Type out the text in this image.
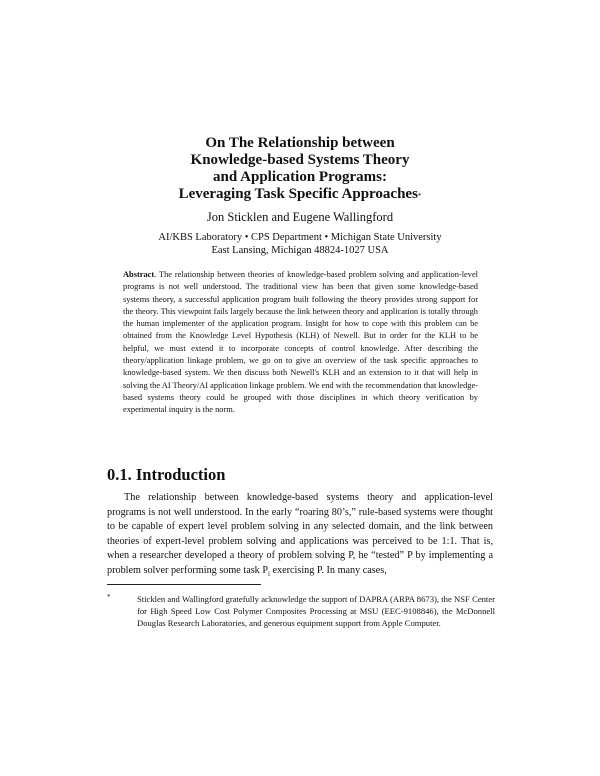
On The Relationship between
Knowledge-based Systems Theory
and Application Programs:
Leveraging Task Specific Approaches*
Jon Sticklen and Eugene Wallingford
AI/KBS Laboratory • CPS Department • Michigan State University
East Lansing, Michigan 48824-1027 USA
Abstract. The relationship between theories of knowledge-based problem solving and application-level programs is not well understood. The traditional view has been that given some knowledge-based systems theory, a successful application program built following the theory provides strong support for the theory. This viewpoint fails largely because the link between theory and application is totally through the human implementer of the application program. Insight for how to cope with this problem can be obtained from the Knowledge Level Hypothesis (KLH) of Newell. But in order for the KLH to be helpful, we must extend it to incorporate concepts of control knowledge. After describing the theory/application linkage problem, we go on to give an overview of the task specific approaches to knowledge-based system. We then discuss both Newell's KLH and an extension to it that will help in solving the AI Theory/AI application linkage problem. We end with the recommendation that knowledge-based systems theory could be grouped with those disciplines in which theory verification by experimental inquiry is the norm.
0.1. Introduction
The relationship between knowledge-based systems theory and application-level programs is not well understood. In the early “roaring 80’s,” rule-based systems were thought to be capable of expert level problem solving in any selected domain, and the link between theories of expert-level problem solving and applications was perceived to be 1:1. That is, when a researcher developed a theory of problem solving P, he “tested” P by implementing a problem solver performing some task $P_i$ exercising P. In many cases,
*	Sticklen and Wallingford gratefully acknowledge the support of DAPRA (ARPA 8673), the NSF Center for High Speed Low Cost Polymer Composites Processing at MSU (EEC-9108846), the McDonnell Douglas Research Laboratories, and generous equipment support from Apple Computer.
